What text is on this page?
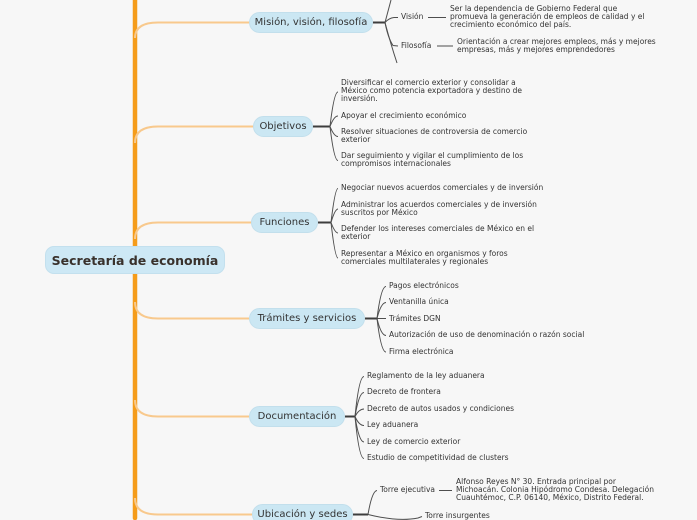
Secretaría de economía
Misión, visión, filosofía
Objetivos
Funciones
Trámites y servicios
Documentación
Ubicación y sedes
Visión
Ser la dependencia de Gobierno Federal que
promueva la generación de empleos de calidad y el
crecimiento económico del país.
Filosofía	Orientación a crear mejores empleos, más y mejores
empresas, más y mejores emprendedores
Diversificar el comercio exterior y consolidar a
México como potencia exportadora y destino de
inversión.
Apoyar el crecimiento económico
Resolver situaciones de controversia de comercio
exterior
Dar seguimiento y vigilar el cumplimiento de los
compromisos internacionales
Negociar nuevos acuerdos comerciales y de inversión
Administrar los acuerdos comerciales y de inversión
suscritos por México
Defender los intereses comerciales de México en el
exterior
Representar a México en organismos y foros
comerciales multilaterales y regionales
Pagos electrónicos
Ventanilla única
Trámites DGN
Autorización de uso de denominación o razón social
Firma electrónica
Reglamento de la ley aduanera
Decreto de frontera
Decreto de autos usados y condiciones
Ley aduanera
Ley de comercio exterior
Estudio de competitividad de clusters
Torre ejecutiva
Alfonso Reyes N° 30. Entrada principal por
Michoacán. Colonia Hipódromo Condesa. Delegación
Cuauhtémoc, C.P. 06140, México, Distrito Federal.
Torre insurgentes
